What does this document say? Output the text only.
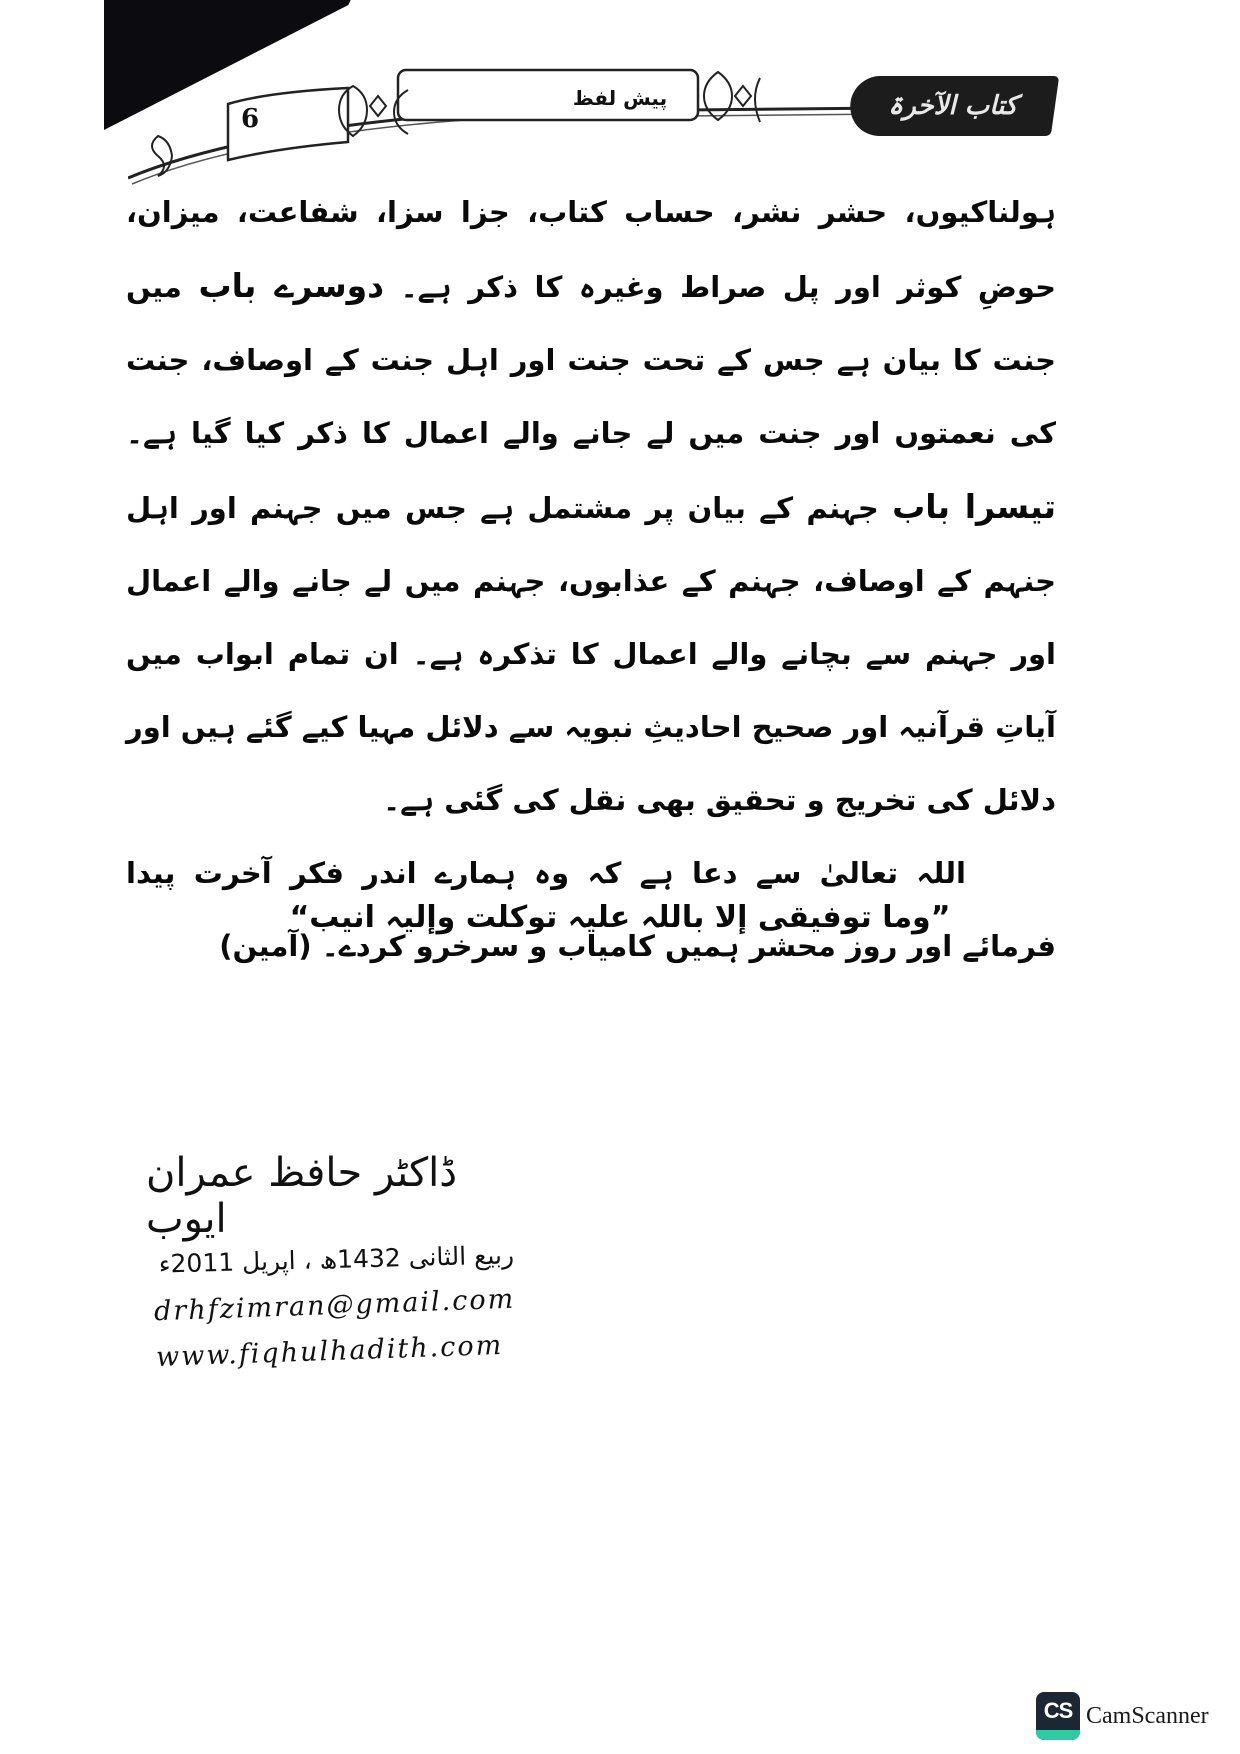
6
پیش لفظ	کتاب الآخرۃ

ہولناکیوں، حشر نشر، حساب کتاب، جزا سزا، شفاعت، میزان، حوضِ کوثر اور پل صراط وغیرہ کا ذکر ہے۔ دوسرے باب میں جنت کا بیان ہے جس کے تحت جنت اور اہل جنت کے اوصاف، جنت کی نعمتوں اور جنت میں لے جانے والے اعمال کا ذکر کیا گیا ہے۔ تیسرا باب جہنم کے بیان پر مشتمل ہے جس میں جہنم اور اہل جنہم کے اوصاف، جہنم کے عذابوں، جہنم میں لے جانے والے اعمال اور جہنم سے بچانے والے اعمال کا تذکرہ ہے۔ ان تمام ابواب میں آیاتِ قرآنیہ اور صحیح احادیثِ نبویہ سے دلائل مہیا کیے گئے ہیں اور دلائل کی تخریج و تحقیق بھی نقل کی گئی ہے۔

اللہ تعالیٰ سے دعا ہے کہ وہ ہمارے اندر فکر آخرت پیدا فرمائے اور روز محشر ہمیں کامیاب و سرخرو کردے۔ (آمین)

”وما توفیقی إلا باللہ علیہ توکلت وإلیہ انیب“
ڈاکٹر حافظ عمران ایوب
ربیع الثانی 1432ھ ، اپریل 2011ء
drhfzimran@gmail.com
www.fiqhulhadith.com
CS CamScanner
